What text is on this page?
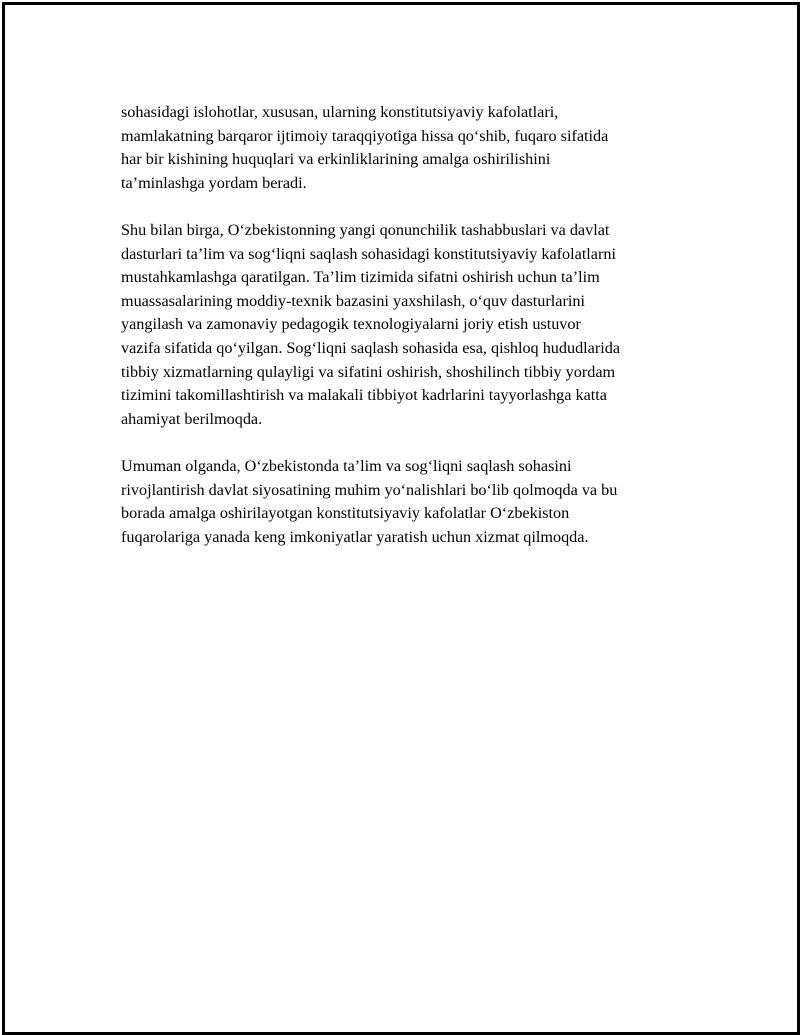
sohasidagi islohotlar, xususan, ularning konstitutsiyaviy kafolatlari,
mamlakatning barqaror ijtimoiy taraqqiyotiga hissa qo‘shib, fuqaro sifatida
har bir kishining huquqlari va erkinliklarining amalga oshirilishini
ta’minlashga yordam beradi.

Shu bilan birga, O‘zbekistonning yangi qonunchilik tashabbuslari va davlat
dasturlari ta’lim va sog‘liqni saqlash sohasidagi konstitutsiyaviy kafolatlarni
mustahkamlashga qaratilgan. Ta’lim tizimida sifatni oshirish uchun ta’lim
muassasalarining moddiy-texnik bazasini yaxshilash, o‘quv dasturlarini
yangilash va zamonaviy pedagogik texnologiyalarni joriy etish ustuvor
vazifa sifatida qo‘yilgan. Sog‘liqni saqlash sohasida esa, qishloq hududlarida
tibbiy xizmatlarning qulayligi va sifatini oshirish, shoshilinch tibbiy yordam
tizimini takomillashtirish va malakali tibbiyot kadrlarini tayyorlashga katta
ahamiyat berilmoqda.

Umuman olganda, O‘zbekistonda ta’lim va sog‘liqni saqlash sohasini
rivojlantirish davlat siyosatining muhim yo‘nalishlari bo‘lib qolmoqda va bu
borada amalga oshirilayotgan konstitutsiyaviy kafolatlar O‘zbekiston
fuqarolariga yanada keng imkoniyatlar yaratish uchun xizmat qilmoqda.
